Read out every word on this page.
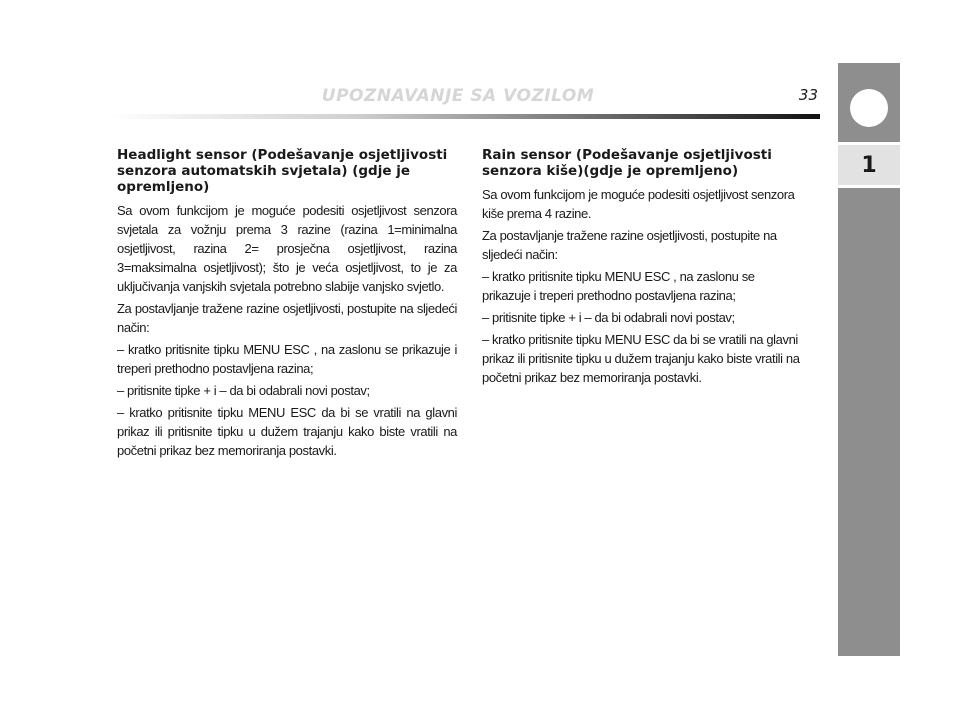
UPOZNAVANJE SA VOZILOM	33
1
Headlight sensor (Podešavanje osjetljivosti senzora automatskih svjetala) (gdje je opremljeno)

Sa ovom funkcijom je moguće podesiti osjetljivost senzora svjetala za vožnju prema 3 razine (razina 1=minimalna osjetljivost, razina 2= prosječna osjetljivost, razina 3=maksimalna osjetljivost); što je veća osjetljivost, to je za uključivanja vanjskih svjetala potrebno slabije vanjsko svjetlo.

Za postavljanje tražene razine osjetljivosti, postupite na sljedeći način:

– kratko pritisnite tipku MENU ESC , na zaslonu se prikazuje i treperi prethodno postavljena razina;

– pritisnite tipke + i – da bi odabrali novi postav;

– kratko pritisnite tipku MENU ESC da bi se vratili na glavni prikaz ili pritisnite tipku u dužem trajanju kako biste vratili na početni prikaz bez memoriranja postavki.

Rain sensor (Podešavanje osjetljivosti senzora kiše)(gdje je opremljeno)

Sa ovom funkcijom je moguće podesiti osjetljivost senzora kiše prema 4 razine.

Za postavljanje tražene razine osjetljivosti, postupite na sljedeći način:

– kratko pritisnite tipku MENU ESC , na zaslonu se prikazuje i treperi prethodno postavljena razina;

– pritisnite tipke + i – da bi odabrali novi postav;

– kratko pritisnite tipku MENU ESC da bi se vratili na glavni prikaz ili pritisnite tipku u dužem trajanju kako biste vratili na početni prikaz bez memoriranja postavki.
